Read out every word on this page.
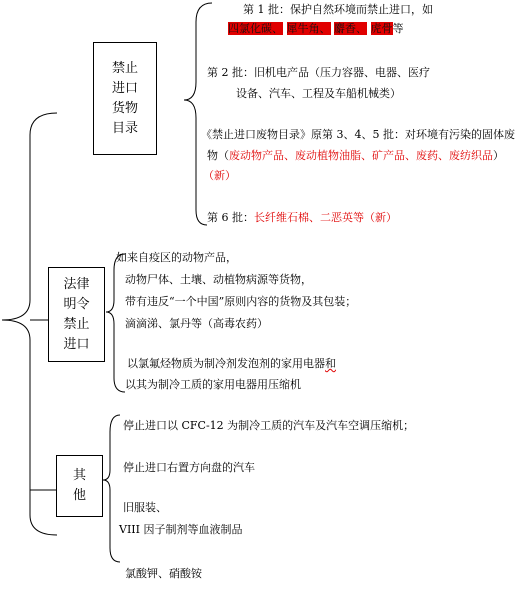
禁止
进口
货物
目录
法律
明令
禁止
进口
其
他
第 1 批：保护自然环境而禁止进口，如
四氯化碳、 犀牛角、 麝香、 虎骨等
第 2 批：旧机电产品（压力容器、电器、医疗
设备、汽车、工程及车船机械类）
《禁止进口废物目录》原第 3、4、5 批：对环境有污染的固体废
物（废动物产品、废动植物油脂、矿产品、废药、废纺织品）
（新）
第 6 批：长纤维石棉、二恶英等（新）
如来自疫区的动物产品，
动物尸体、土壤、动植物病源等货物，
带有违反“一个中国”原则内容的货物及其包装；
滴滴涕、氯丹等（高毒农药）
以氯氟烃物质为制冷剂发泡剂的家用电器和
以其为制冷工质的家用电器用压缩机
停止进口以 CFC-12 为制冷工质的汽车及汽车空调压缩机；
停止进口右置方向盘的汽车
旧服装、
VIII 因子制剂等血液制品
氯酸钾、硝酸铵
